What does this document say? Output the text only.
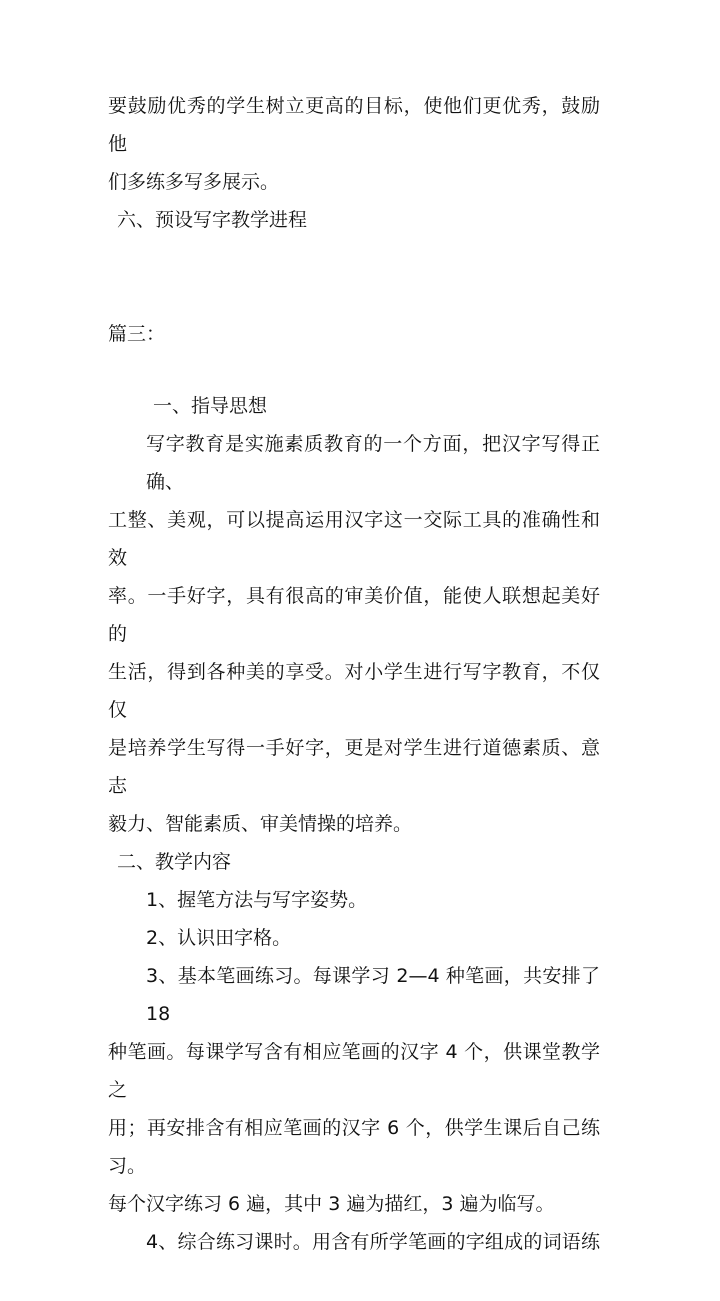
要鼓励优秀的学生树立更高的目标，使他们更优秀，鼓励他
们多练多写多展示。
六、预设写字教学进程
篇三：
一、指导思想
写字教育是实施素质教育的一个方面，把汉字写得正确、
工整、美观，可以提高运用汉字这一交际工具的准确性和效
率。一手好字，具有很高的审美价值，能使人联想起美好的
生活，得到各种美的享受。对小学生进行写字教育，不仅仅
是培养学生写得一手好字，更是对学生进行道德素质、意志
毅力、智能素质、审美情操的培养。
二、教学内容
1、握笔方法与写字姿势。
2、认识田字格。
3、基本笔画练习。每课学习 2—4 种笔画，共安排了 18
种笔画。每课学写含有相应笔画的汉字 4 个，供课堂教学之
用；再安排含有相应笔画的汉字 6 个，供学生课后自己练习。
每个汉字练习 6 遍，其中 3 遍为描红，3 遍为临写。
4、综合练习课时。用含有所学笔画的字组成的词语练
